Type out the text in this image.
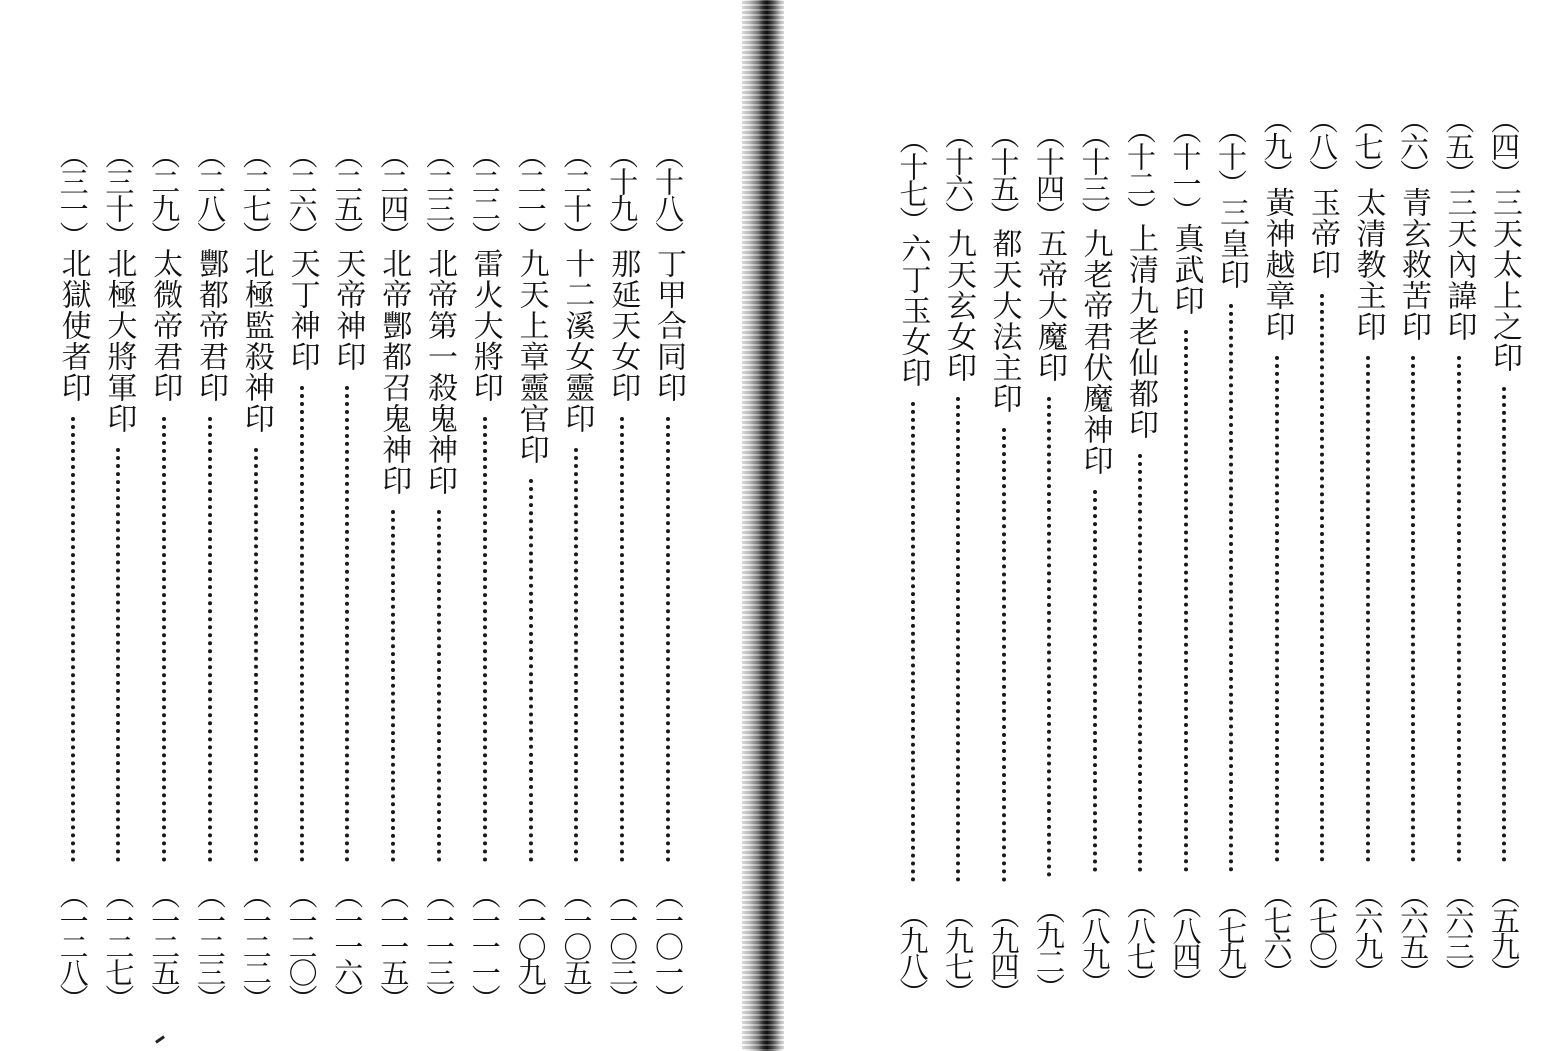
（十八）
丁甲合同印
（一〇一）
（十九）
那延天女印
（一〇三）
（二十）
十二溪女靈印
（一〇五）
（二一）
九天上章靈官印
（一〇九）
（二二）
雷火大將印
（一一一）
（二三）
北帝第一殺鬼神印
（一一三）
（二四）
北帝酆都召鬼神印
（一一五）
（二五）
天帝神印
（一一六）
（二六）
天丁神印
（一二〇）
（二七）
北極監殺神印
（一二二）
（二八）
酆都帝君印
（一二三）
（二九）
太微帝君印
（一二五）
（三十）
北極大將軍印
（一二七）
（三一）
北獄使者印
（一二八）
（四）
三天太上之印
（五九）
（五）
三天內諱印
（六三）
（六）
青玄救苦印
（六五）
（七）
太清教主印
（六九）
（八）
玉帝印
（七〇）
（九）
黃神越章印
（七六）
（十）
三皇印
（七九）
（十一）
真武印
（八四）
（十二）
上清九老仙都印
（八七）
（十三）
九老帝君伏魔神印
（八九）
（十四）
五帝大魔印
（九二）
（十五）
都天大法主印
（九四）
（十六）
九天玄女印
（九七）
（十七）
六丁玉女印
（九八）
